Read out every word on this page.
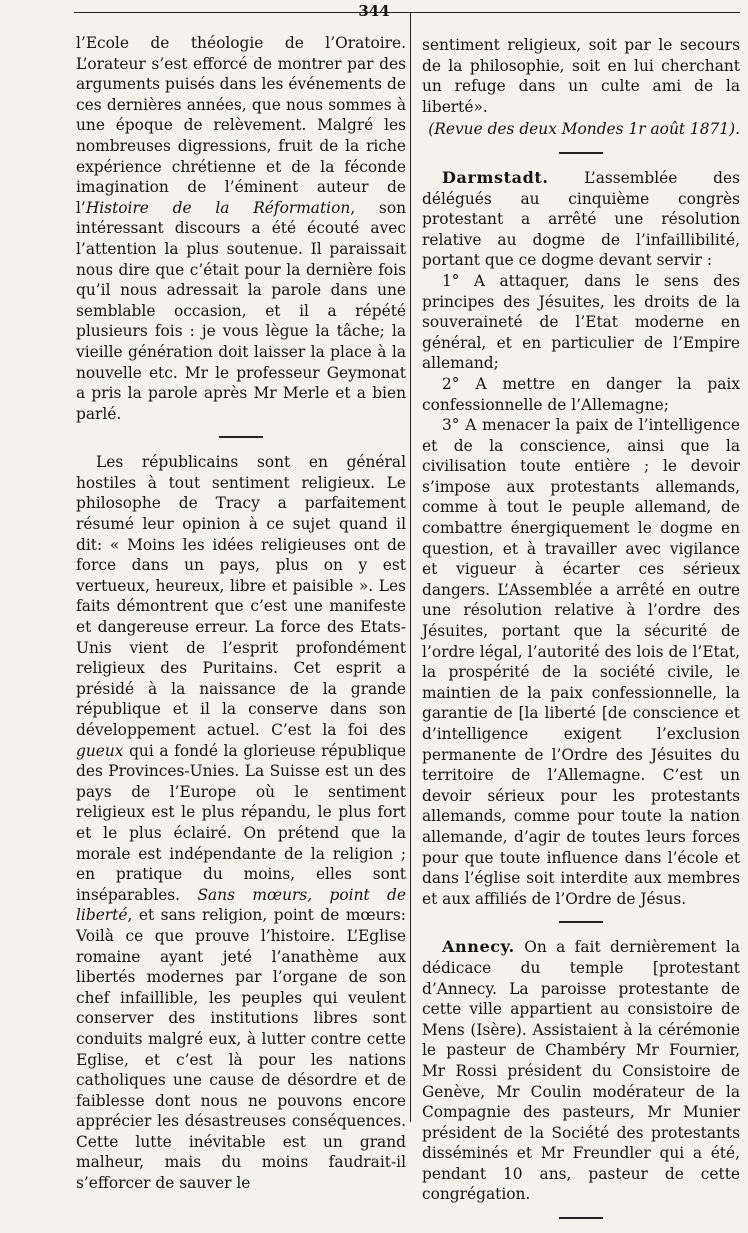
344

l’Ecole de théologie de l’Oratoire. L’orateur s’est efforcé de montrer par des arguments puisés dans les événements de ces dernières années, que nous sommes à une époque de relèvement. Malgré les nombreuses digressions, fruit de la riche expérience chrétienne et de la féconde imagination de l’éminent auteur de l’Histoire de la Réformation, son intéressant discours a été écouté avec l’attention la plus soutenue. Il paraissait nous dire que c’était pour la dernière fois qu’il nous adressait la parole dans une semblable occasion, et il a répété plusieurs fois : je vous lègue la tâche; la vieille génération doit laisser la place à la nouvelle etc. Mr le professeur Geymonat a pris la parole après Mr Merle et a bien parlé.

Les républicains sont en général hostiles à tout sentiment religieux. Le philosophe de Tracy a parfaitement résumé leur opinion à ce sujet quand il dit: « Moins les idées religieuses ont de force dans un pays, plus on y est vertueux, heureux, libre et paisible ». Les faits démontrent que c’est une manifeste et dangereuse erreur. La force des Etats-Unis vient de l’esprit profondément religieux des Puritains. Cet esprit a présidé à la naissance de la grande république et il la conserve dans son développement actuel. C’est la foi des gueux qui a fondé la glorieuse république des Provinces-Unies. La Suisse est un des pays de l’Europe où le sentiment religieux est le plus répandu, le plus fort et le plus éclairé. On prétend que la morale est indépendante de la religion ; en pratique du moins, elles sont inséparables. Sans mœurs, point de liberté, et sans religion, point de mœurs: Voilà ce que prouve l’histoire. L’Eglise romaine ayant jeté l’anathème aux libertés modernes par l’organe de son chef infaillible, les peuples qui veulent conserver des institutions libres sont conduits malgré eux, à lutter contre cette Eglise, et c’est là pour les nations catholiques une cause de désordre et de faiblesse dont nous ne pouvons encore apprécier les désastreuses conséquences. Cette lutte inévitable est un grand malheur, mais du moins faudrait-il s’efforcer de sauver le

sentiment religieux, soit par le secours de la philosophie, soit en lui cherchant un refuge dans un culte ami de la liberté».

(Revue des deux Mondes 1r août 1871).

Darmstadt. L’assemblée des délégués au cinquième congrès protestant a arrêté une résolution relative au dogme de l’infaillibilité, portant que ce dogme devant servir :

1° A attaquer, dans le sens des principes des Jésuites, les droits de la souveraineté de l’Etat moderne en général, et en particulier de l’Empire allemand;

2° A mettre en danger la paix confessionnelle de l’Allemagne;

3° A menacer la paix de l’intelligence et de la conscience, ainsi que la civilisation toute entière ; le devoir s’impose aux protestants allemands, comme à tout le peuple allemand, de combattre énergiquement le dogme en question, et à travailler avec vigilance et vigueur à écarter ces sérieux dangers. L’Assemblée a arrêté en outre une résolution relative à l’ordre des Jésuites, portant que la sécurité de l’ordre légal, l’autorité des lois de l’Etat, la prospérité de la société civile, le maintien de la paix confessionnelle, la garantie de [la liberté [de conscience et d’intelligence exigent l’exclusion permanente de l’Ordre des Jésuites du territoire de l’Allemagne. C’est un devoir sérieux pour les protestants allemands, comme pour toute la nation allemande, d’agir de toutes leurs forces pour que toute influence dans l’école et dans l’église soit interdite aux membres et aux affiliés de l’Ordre de Jésus.

Annecy. On a fait dernièrement la dédicace du temple [protestant d’Annecy. La paroisse protestante de cette ville appartient au consistoire de Mens (Isère). Assistaient à la cérémonie le pasteur de Chambéry Mr Fournier, Mr Rossi président du Consistoire de Genève, Mr Coulin modérateur de la Compagnie des pasteurs, Mr Munier président de la Société des protestants disséminés et Mr Freundler qui a été, pendant 10 ans, pasteur de cette congrégation.
